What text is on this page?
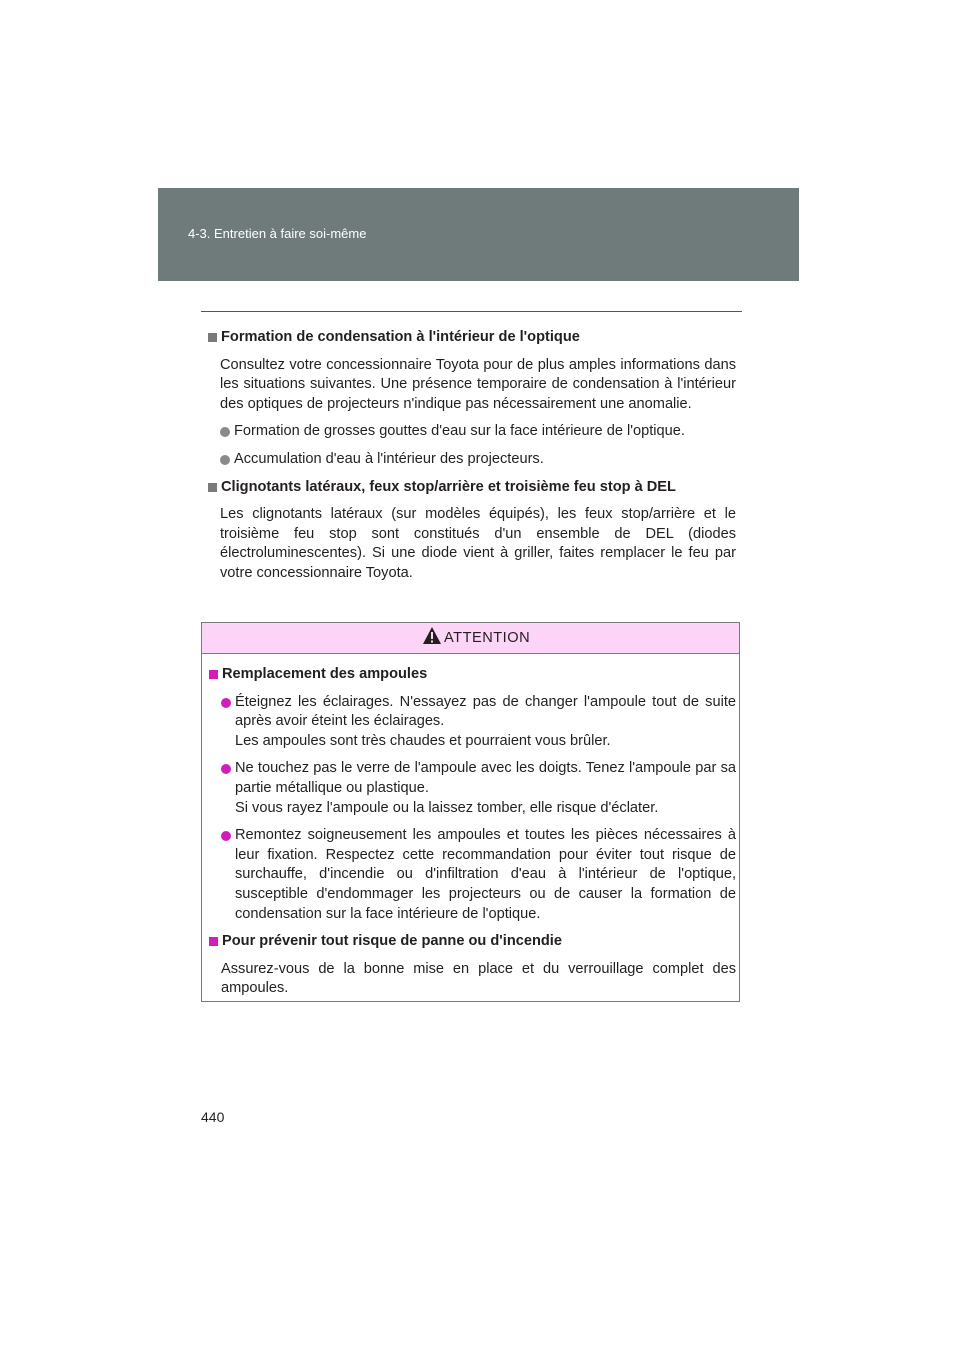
4-3. Entretien à faire soi-même
Formation de condensation à l'intérieur de l'optique
Consultez votre concessionnaire Toyota pour de plus amples informations dans les situations suivantes. Une présence temporaire de condensation à l'intérieur des optiques de projecteurs n'indique pas nécessairement une anomalie.
Formation de grosses gouttes d'eau sur la face intérieure de l'optique.
Accumulation d'eau à l'intérieur des projecteurs.
Clignotants latéraux, feux stop/arrière et troisième feu stop à DEL
Les clignotants latéraux (sur modèles équipés), les feux stop/arrière et le troisième feu stop sont constitués d'un ensemble de DEL (diodes électroluminescentes). Si une diode vient à griller, faites remplacer le feu par votre concessionnaire Toyota.
ATTENTION
Remplacement des ampoules
Éteignez les éclairages. N'essayez pas de changer l'ampoule tout de suite après avoir éteint les éclairages.
Les ampoules sont très chaudes et pourraient vous brûler.
Ne touchez pas le verre de l'ampoule avec les doigts. Tenez l'ampoule par sa partie métallique ou plastique.
Si vous rayez l'ampoule ou la laissez tomber, elle risque d'éclater.
Remontez soigneusement les ampoules et toutes les pièces nécessaires à leur fixation. Respectez cette recommandation pour éviter tout risque de surchauffe, d'incendie ou d'infiltration d'eau à l'intérieur de l'optique, susceptible d'endommager les projecteurs ou de causer la formation de condensation sur la face intérieure de l'optique.
Pour prévenir tout risque de panne ou d'incendie
Assurez-vous de la bonne mise en place et du verrouillage complet des ampoules.
440
